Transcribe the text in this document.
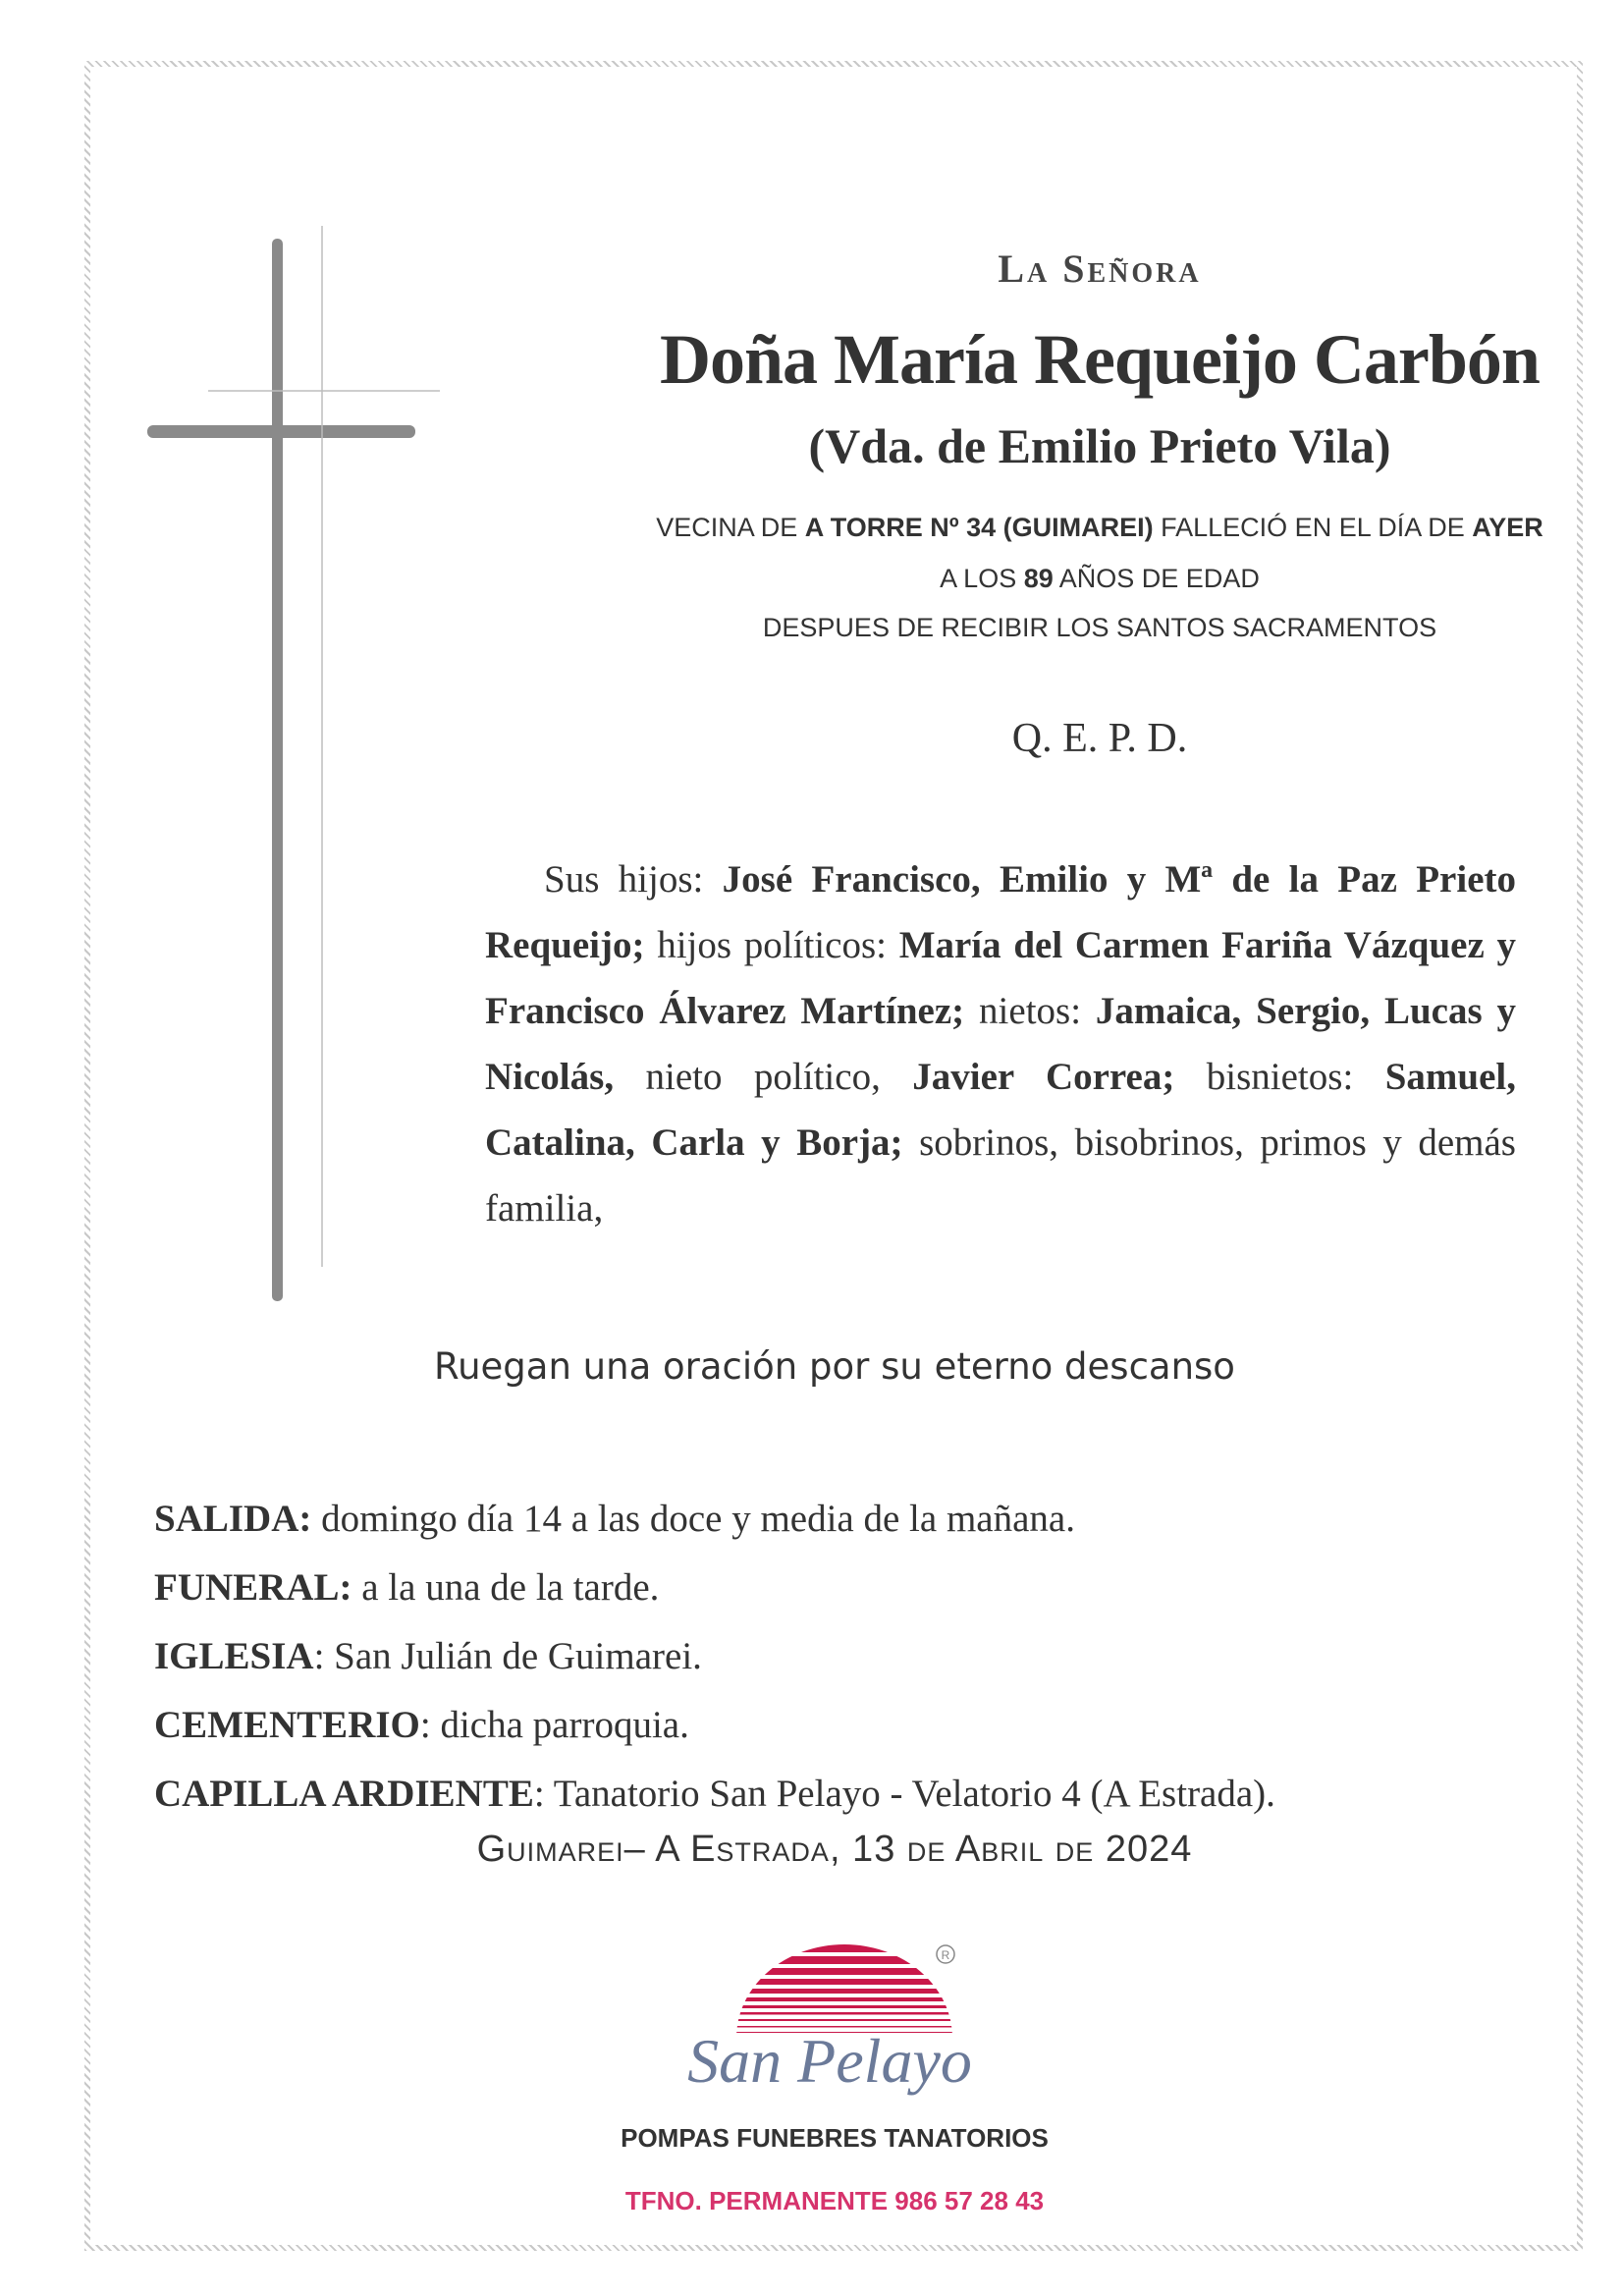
La Señora
Doña María Requeijo Carbón
(Vda. de Emilio Prieto Vila)
VECINA DE A TORRE Nº 34 (GUIMAREI) FALLECIÓ EN EL DÍA DE AYER
A LOS 89 AÑOS DE EDAD
DESPUES DE RECIBIR LOS SANTOS SACRAMENTOS
Q. E. P. D.
Sus hijos: José Francisco, Emilio y Mª de la Paz Prieto Requeijo; hijos políticos: María del Carmen Fariña Vázquez y Francisco Álvarez Martínez; nietos: Jamaica, Sergio, Lucas y Nicolás, nieto político, Javier Correa; bisnietos: Samuel, Catalina, Carla y Borja; sobrinos, bisobrinos, primos y demás familia,
Ruegan una oración por su eterno descanso
SALIDA: domingo día 14 a las doce y media de la mañana.
FUNERAL: a la una de la tarde.
IGLESIA: San Julián de Guimarei.
CEMENTERIO: dicha parroquia.
CAPILLA ARDIENTE: Tanatorio San Pelayo - Velatorio 4 (A Estrada).
Guimarei– A Estrada, 13 de Abril de 2024
R
San Pelayo
POMPAS FUNEBRES TANATORIOS
TFNO. PERMANENTE 986 57 28 43
